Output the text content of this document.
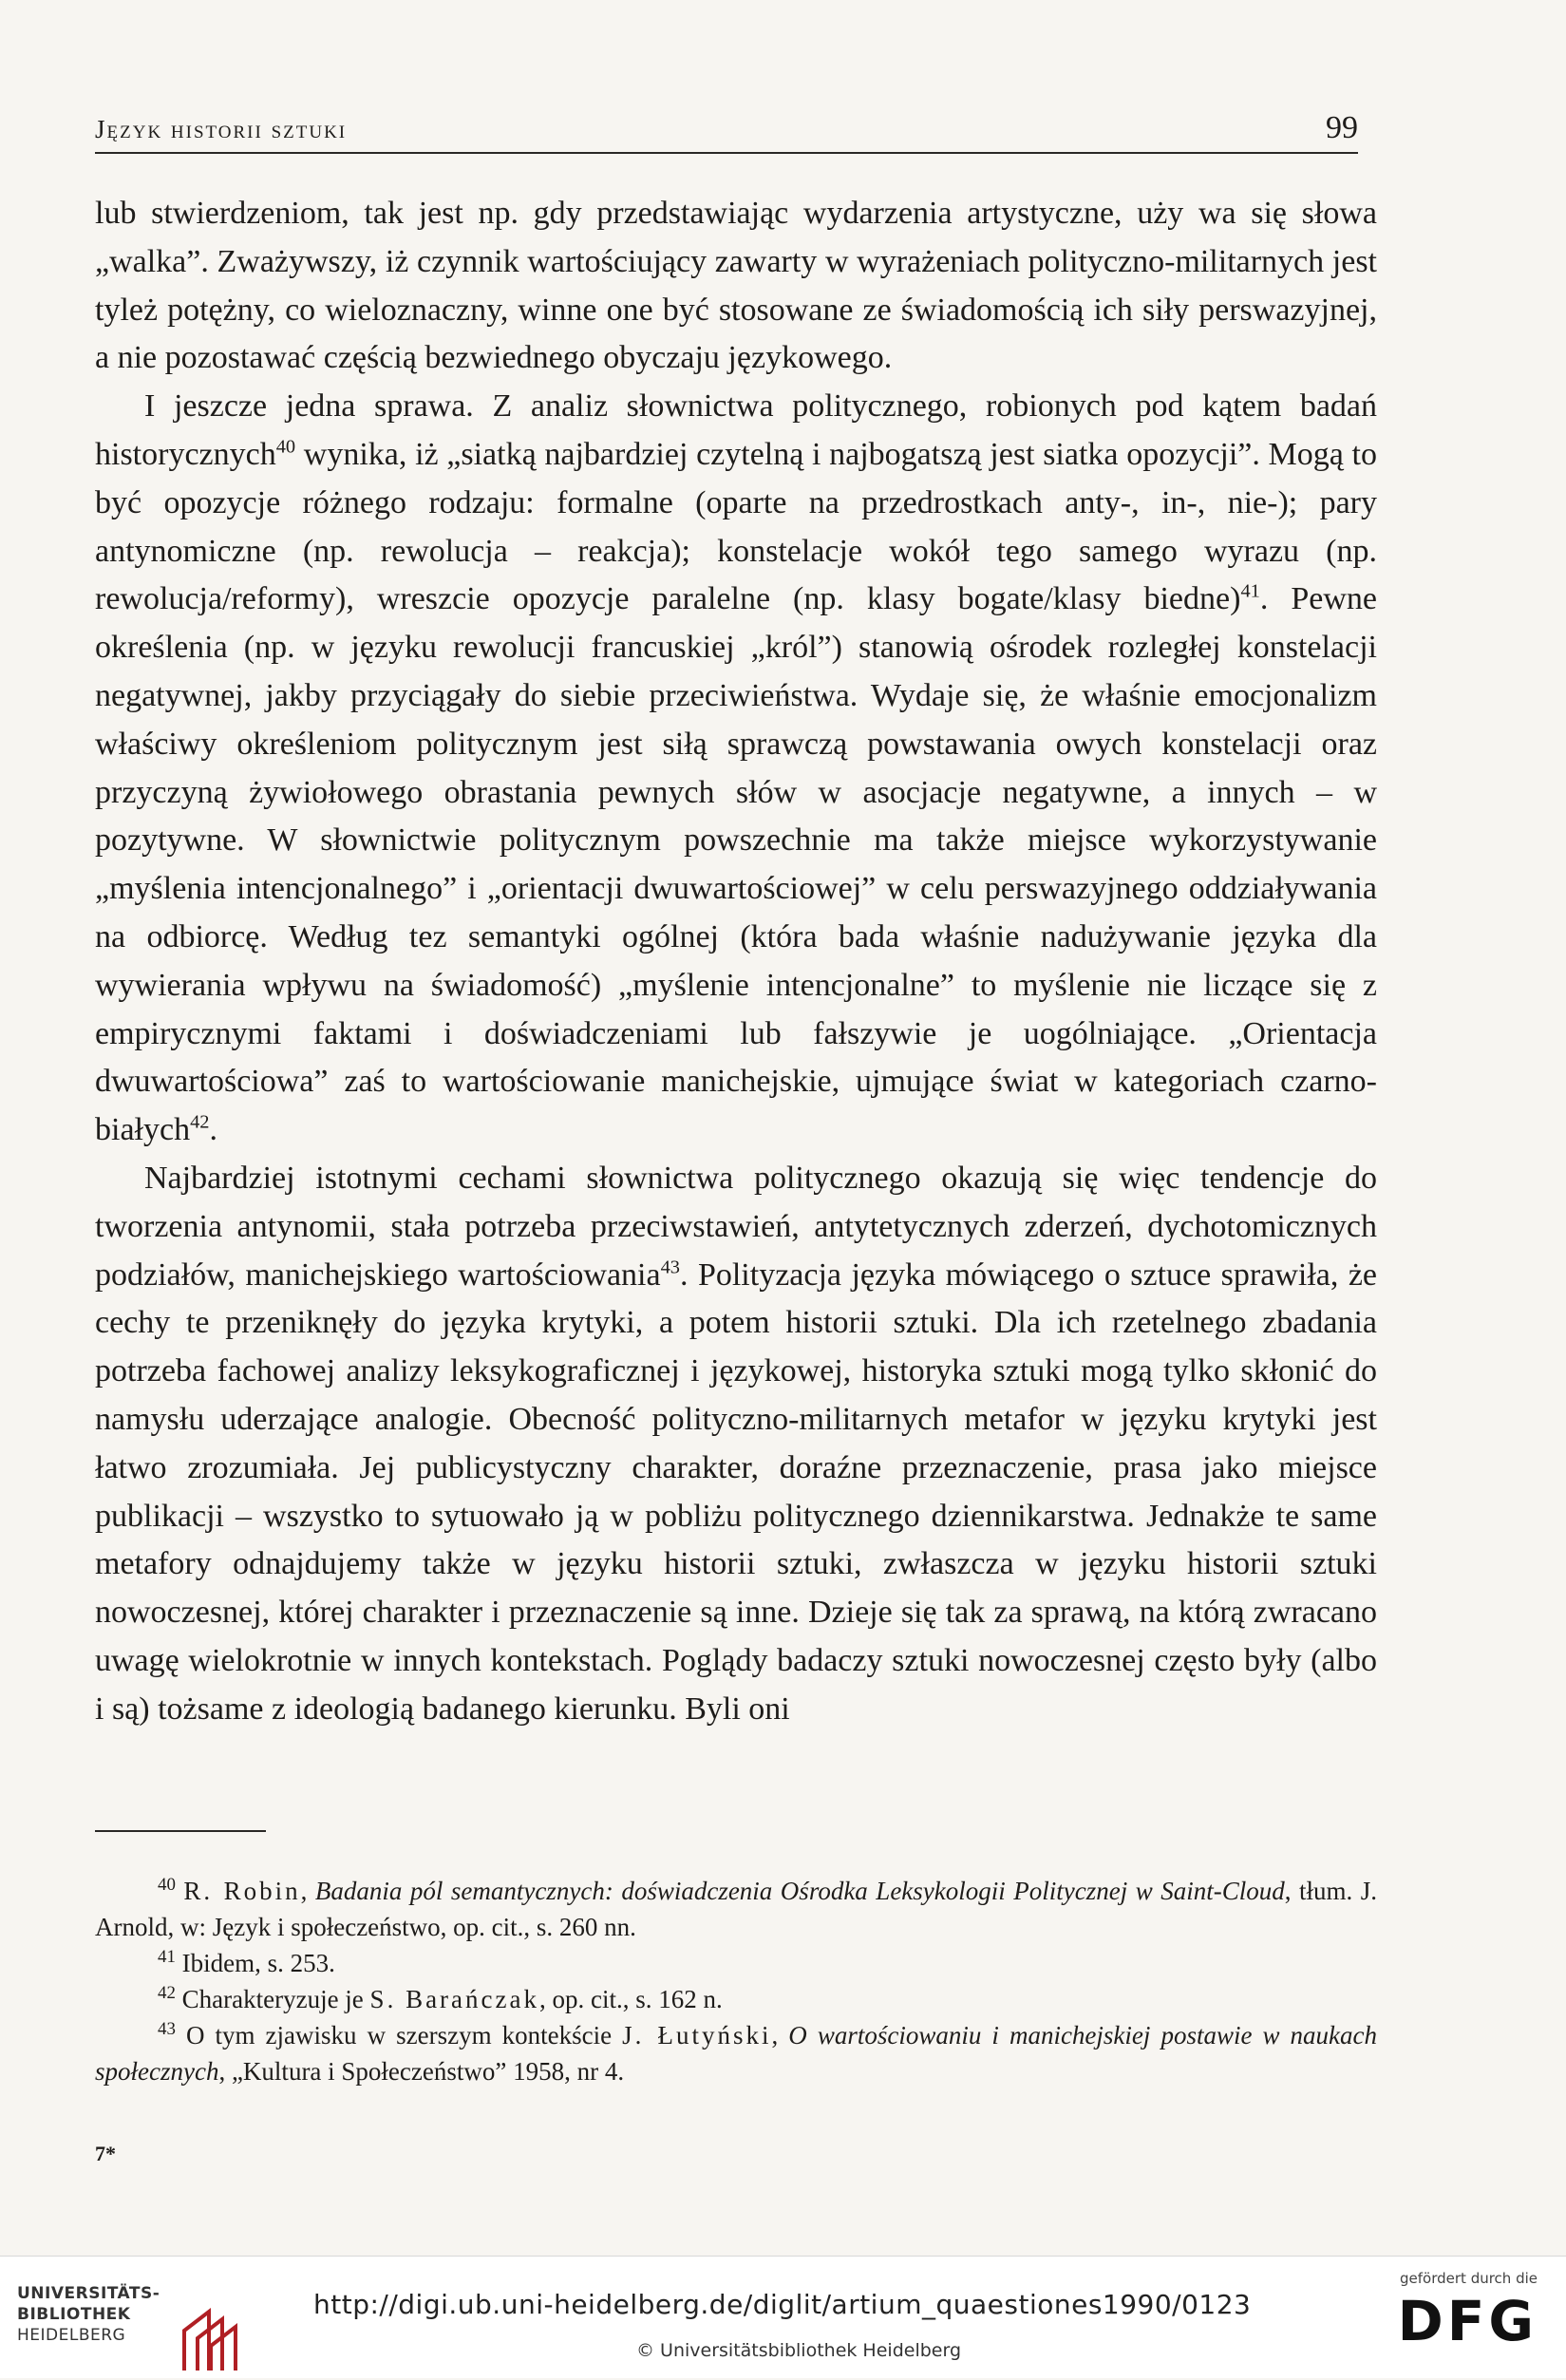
Język historii sztuki	99

lub stwierdzeniom, tak jest np. gdy przedstawiając wydarzenia artystyczne, uży wa się słowa „walka”. Zważywszy, iż czynnik wartościujący zawarty w wyrażeniach polityczno-militarnych jest tyleż potężny, co wieloznaczny, winne one być stosowane ze świadomością ich siły perswazyjnej, a nie pozostawać częścią bezwiednego obyczaju językowego.

I jeszcze jedna sprawa. Z analiz słownictwa politycznego, robionych pod kątem badań historycznych$^{40}$ wynika, iż „siatką najbardziej czytelną i najbogatszą jest siatka opozycji”. Mogą to być opozycje różnego rodzaju: formalne (oparte na przedrostkach anty-, in-, nie-); pary antynomiczne (np. rewolucja – reakcja); konstelacje wokół tego samego wyrazu (np. rewolucja/reformy), wreszcie opozycje paralelne (np. klasy bogate/klasy biedne)$^{41}$. Pewne określenia (np. w języku rewolucji francuskiej „król”) stanowią ośrodek rozległej konstelacji negatywnej, jakby przyciągały do siebie przeciwieństwa. Wydaje się, że właśnie emocjonalizm właściwy określeniom politycznym jest siłą sprawczą powstawania owych konstelacji oraz przyczyną żywiołowego obrastania pewnych słów w asocjacje negatywne, a innych – w pozytywne. W słownictwie politycznym powszechnie ma także miejsce wykorzystywanie „myślenia intencjonalnego” i „orientacji dwuwartościowej” w celu perswazyjnego oddziaływania na odbiorcę. Według tez semantyki ogólnej (która bada właśnie nadużywanie języka dla wywierania wpływu na świadomość) „myślenie intencjonalne” to myślenie nie liczące się z empirycznymi faktami i doświadczeniami lub fałszywie je uogólniające. „Orientacja dwuwartościowa” zaś to wartościowanie manichejskie, ujmujące świat w kategoriach czarno-białych$^{42}$.

Najbardziej istotnymi cechami słownictwa politycznego okazują się więc tendencje do tworzenia antynomii, stała potrzeba przeciwstawień, antytetycznych zderzeń, dychotomicznych podziałów, manichejskiego wartościowania$^{43}$. Polityzacja języka mówiącego o sztuce sprawiła, że cechy te przeniknęły do języka krytyki, a potem historii sztuki. Dla ich rzetelnego zbadania potrzeba fachowej analizy leksykograficznej i językowej, historyka sztuki mogą tylko skłonić do namysłu uderzające analogie. Obecność polityczno-militarnych metafor w języku krytyki jest łatwo zrozumiała. Jej publicystyczny charakter, doraźne przeznaczenie, prasa jako miejsce publikacji – wszystko to sytuowało ją w pobliżu politycznego dziennikarstwa. Jednakże te same metafory odnajdujemy także w języku historii sztuki, zwłaszcza w języku historii sztuki nowoczesnej, której charakter i przeznaczenie są inne. Dzieje się tak za sprawą, na którą zwracano uwagę wielokrotnie w innych kontekstach. Poglądy badaczy sztuki nowoczesnej często były (albo i są) tożsame z ideologią badanego kierunku. Byli oni

$^{40}$ R. Robin, Badania pól semantycznych: doświadczenia Ośrodka Leksykologii Politycznej w Saint-Cloud, tłum. J. Arnold, w: Język i społeczeństwo, op. cit., s. 260 nn.

$^{41}$ Ibidem, s. 253.

$^{42}$ Charakteryzuje je S. Barańczak, op. cit., s. 162 n.

$^{43}$ O tym zjawisku w szerszym kontekście J. Łutyński, O wartościowaniu i manichejskiej postawie w naukach społecznych, „Kultura i Społeczeństwo” 1958, nr 4.

7*
UNIVERSITÄTS-
BIBLIOTHEK
HEIDELBERG
http://digi.ub.uni-heidelberg.de/diglit/artium_quaestiones1990/0123
© Universitätsbibliothek Heidelberg
gefördert durch die
DFG
